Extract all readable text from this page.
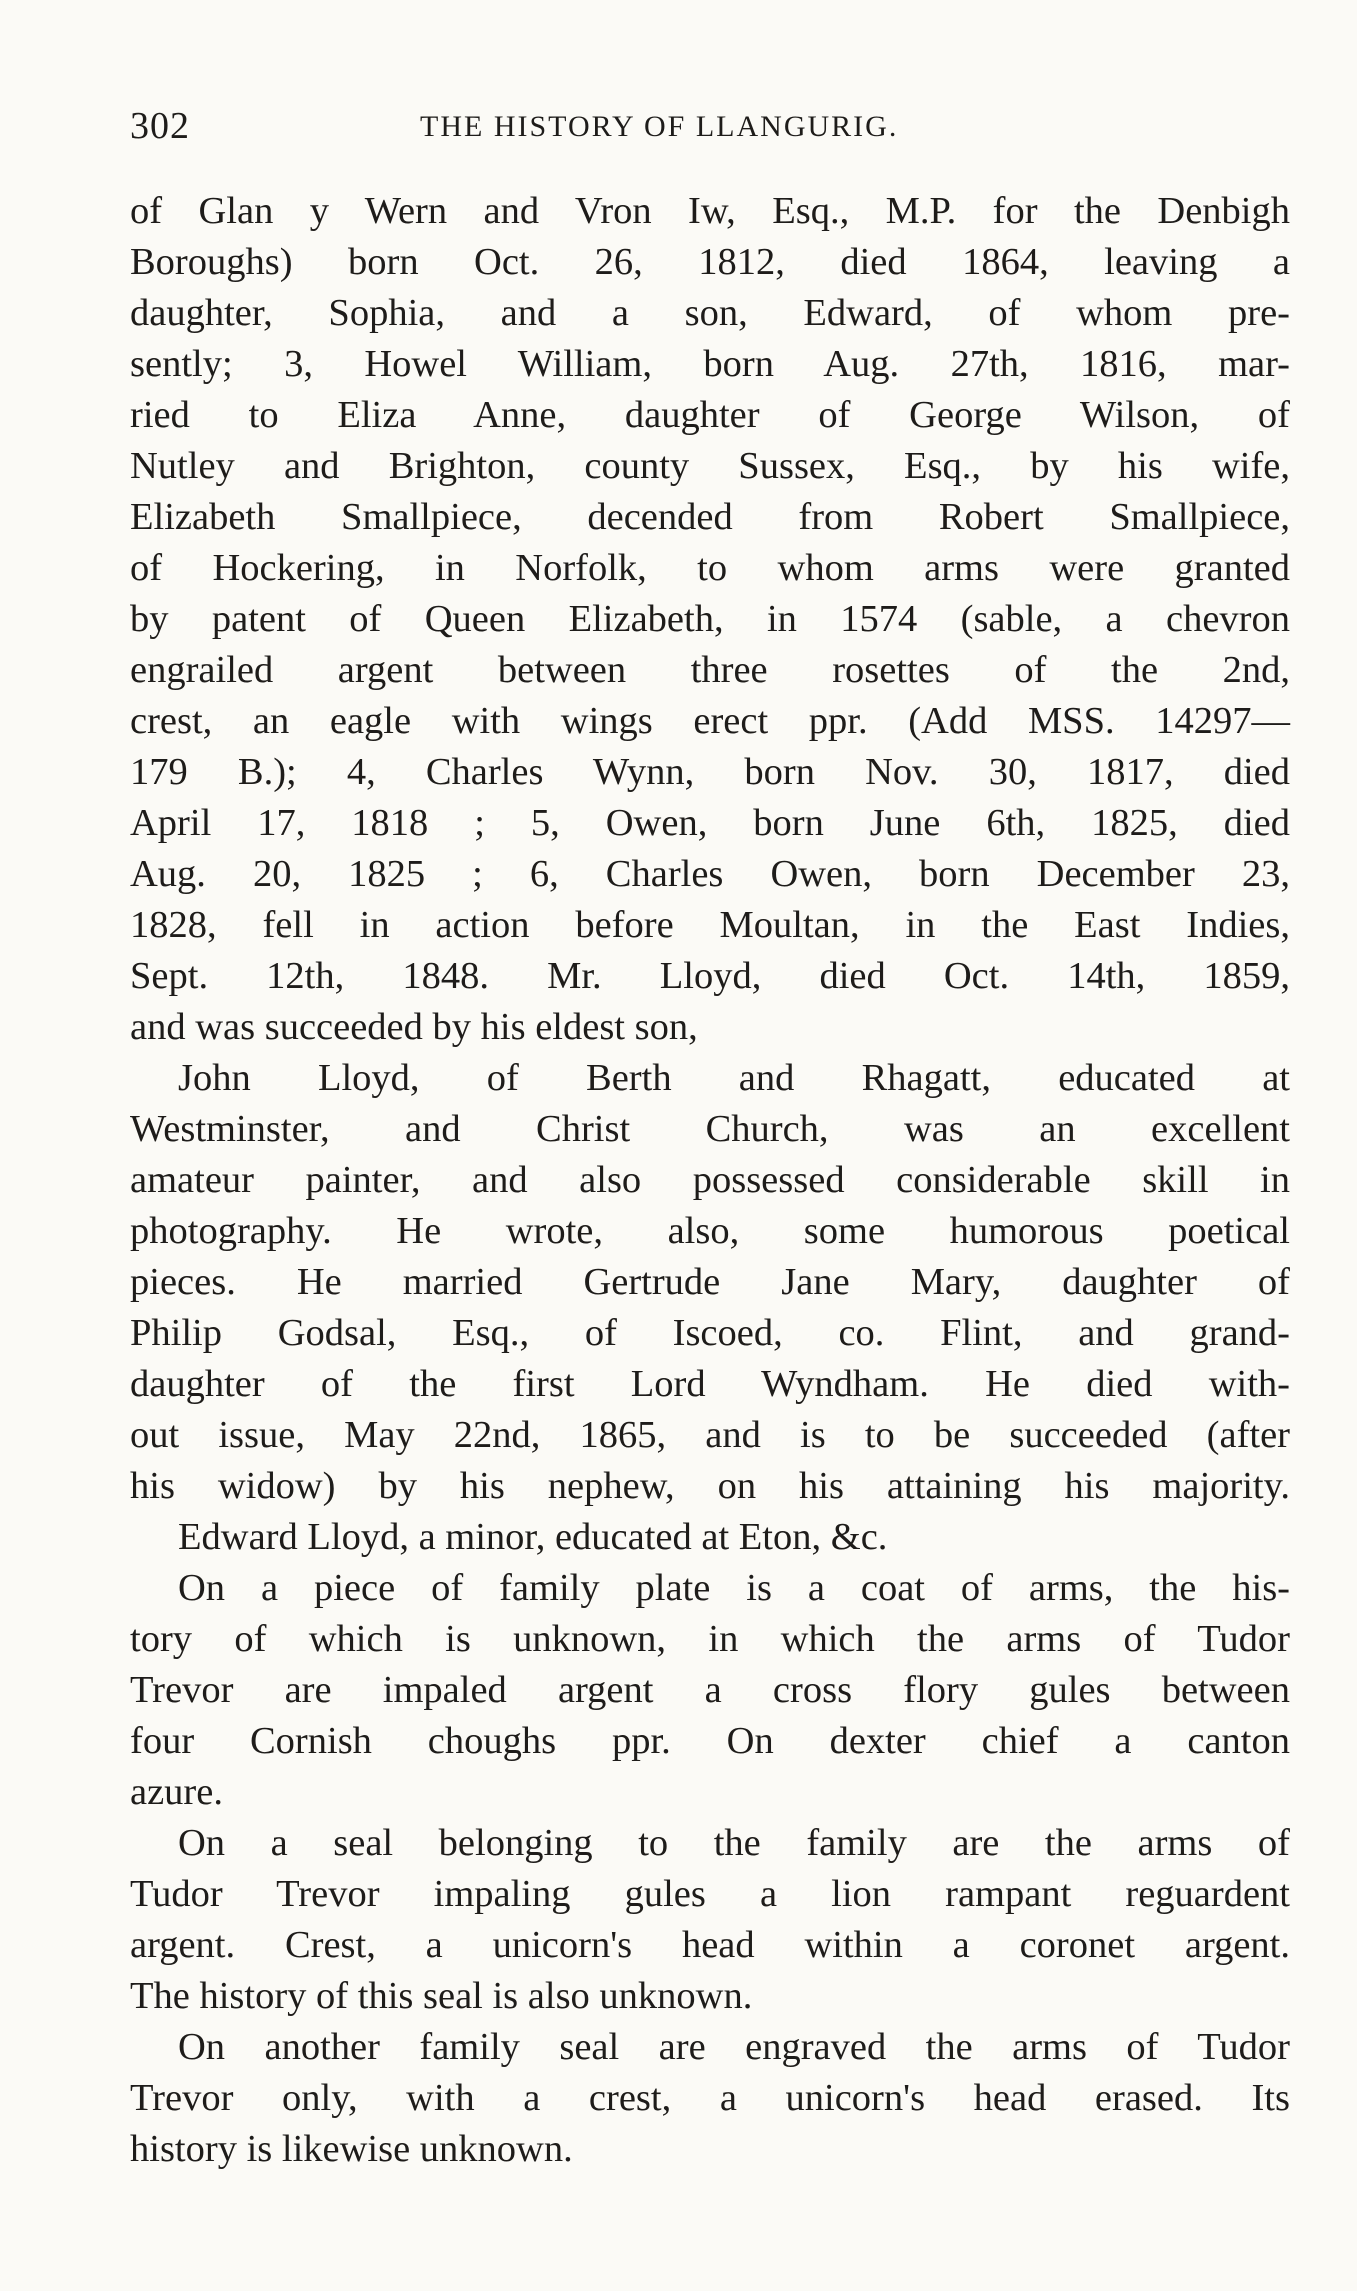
302	THE HISTORY OF LLANGURIG.
of Glan y Wern and Vron Iw, Esq., M.P. for the Denbigh
Boroughs) born Oct. 26, 1812, died 1864, leaving a
daughter, Sophia, and a son, Edward, of whom pre-
sently; 3, Howel William, born Aug. 27th, 1816, mar-
ried to Eliza Anne, daughter of George Wilson, of
Nutley and Brighton, county Sussex, Esq., by his wife,
Elizabeth Smallpiece, decended from Robert Smallpiece,
of Hockering, in Norfolk, to whom arms were granted
by patent of Queen Elizabeth, in 1574 (sable, a chevron
engrailed argent between three rosettes of the 2nd,
crest, an eagle with wings erect ppr. (Add MSS. 14297—
179 B.); 4, Charles Wynn, born Nov. 30, 1817, died
April 17, 1818 ; 5, Owen, born June 6th, 1825, died
Aug. 20, 1825 ; 6, Charles Owen, born December 23,
1828, fell in action before Moultan, in the East Indies,
Sept. 12th, 1848. Mr. Lloyd, died Oct. 14th, 1859,
and was succeeded by his eldest son,
John Lloyd, of Berth and Rhagatt, educated at
Westminster, and Christ Church, was an excellent
amateur painter, and also possessed considerable skill in
photography. He wrote, also, some humorous poetical
pieces. He married Gertrude Jane Mary, daughter of
Philip Godsal, Esq., of Iscoed, co. Flint, and grand-
daughter of the first Lord Wyndham. He died with-
out issue, May 22nd, 1865, and is to be succeeded (after
his widow) by his nephew, on his attaining his majority.
Edward Lloyd, a minor, educated at Eton, &c.
On a piece of family plate is a coat of arms, the his-
tory of which is unknown, in which the arms of Tudor
Trevor are impaled argent a cross flory gules between
four Cornish choughs ppr. On dexter chief a canton
azure.
On a seal belonging to the family are the arms of
Tudor Trevor impaling gules a lion rampant reguardent
argent. Crest, a unicorn's head within a coronet argent.
The history of this seal is also unknown.
On another family seal are engraved the arms of Tudor
Trevor only, with a crest, a unicorn's head erased. Its
history is likewise unknown.
